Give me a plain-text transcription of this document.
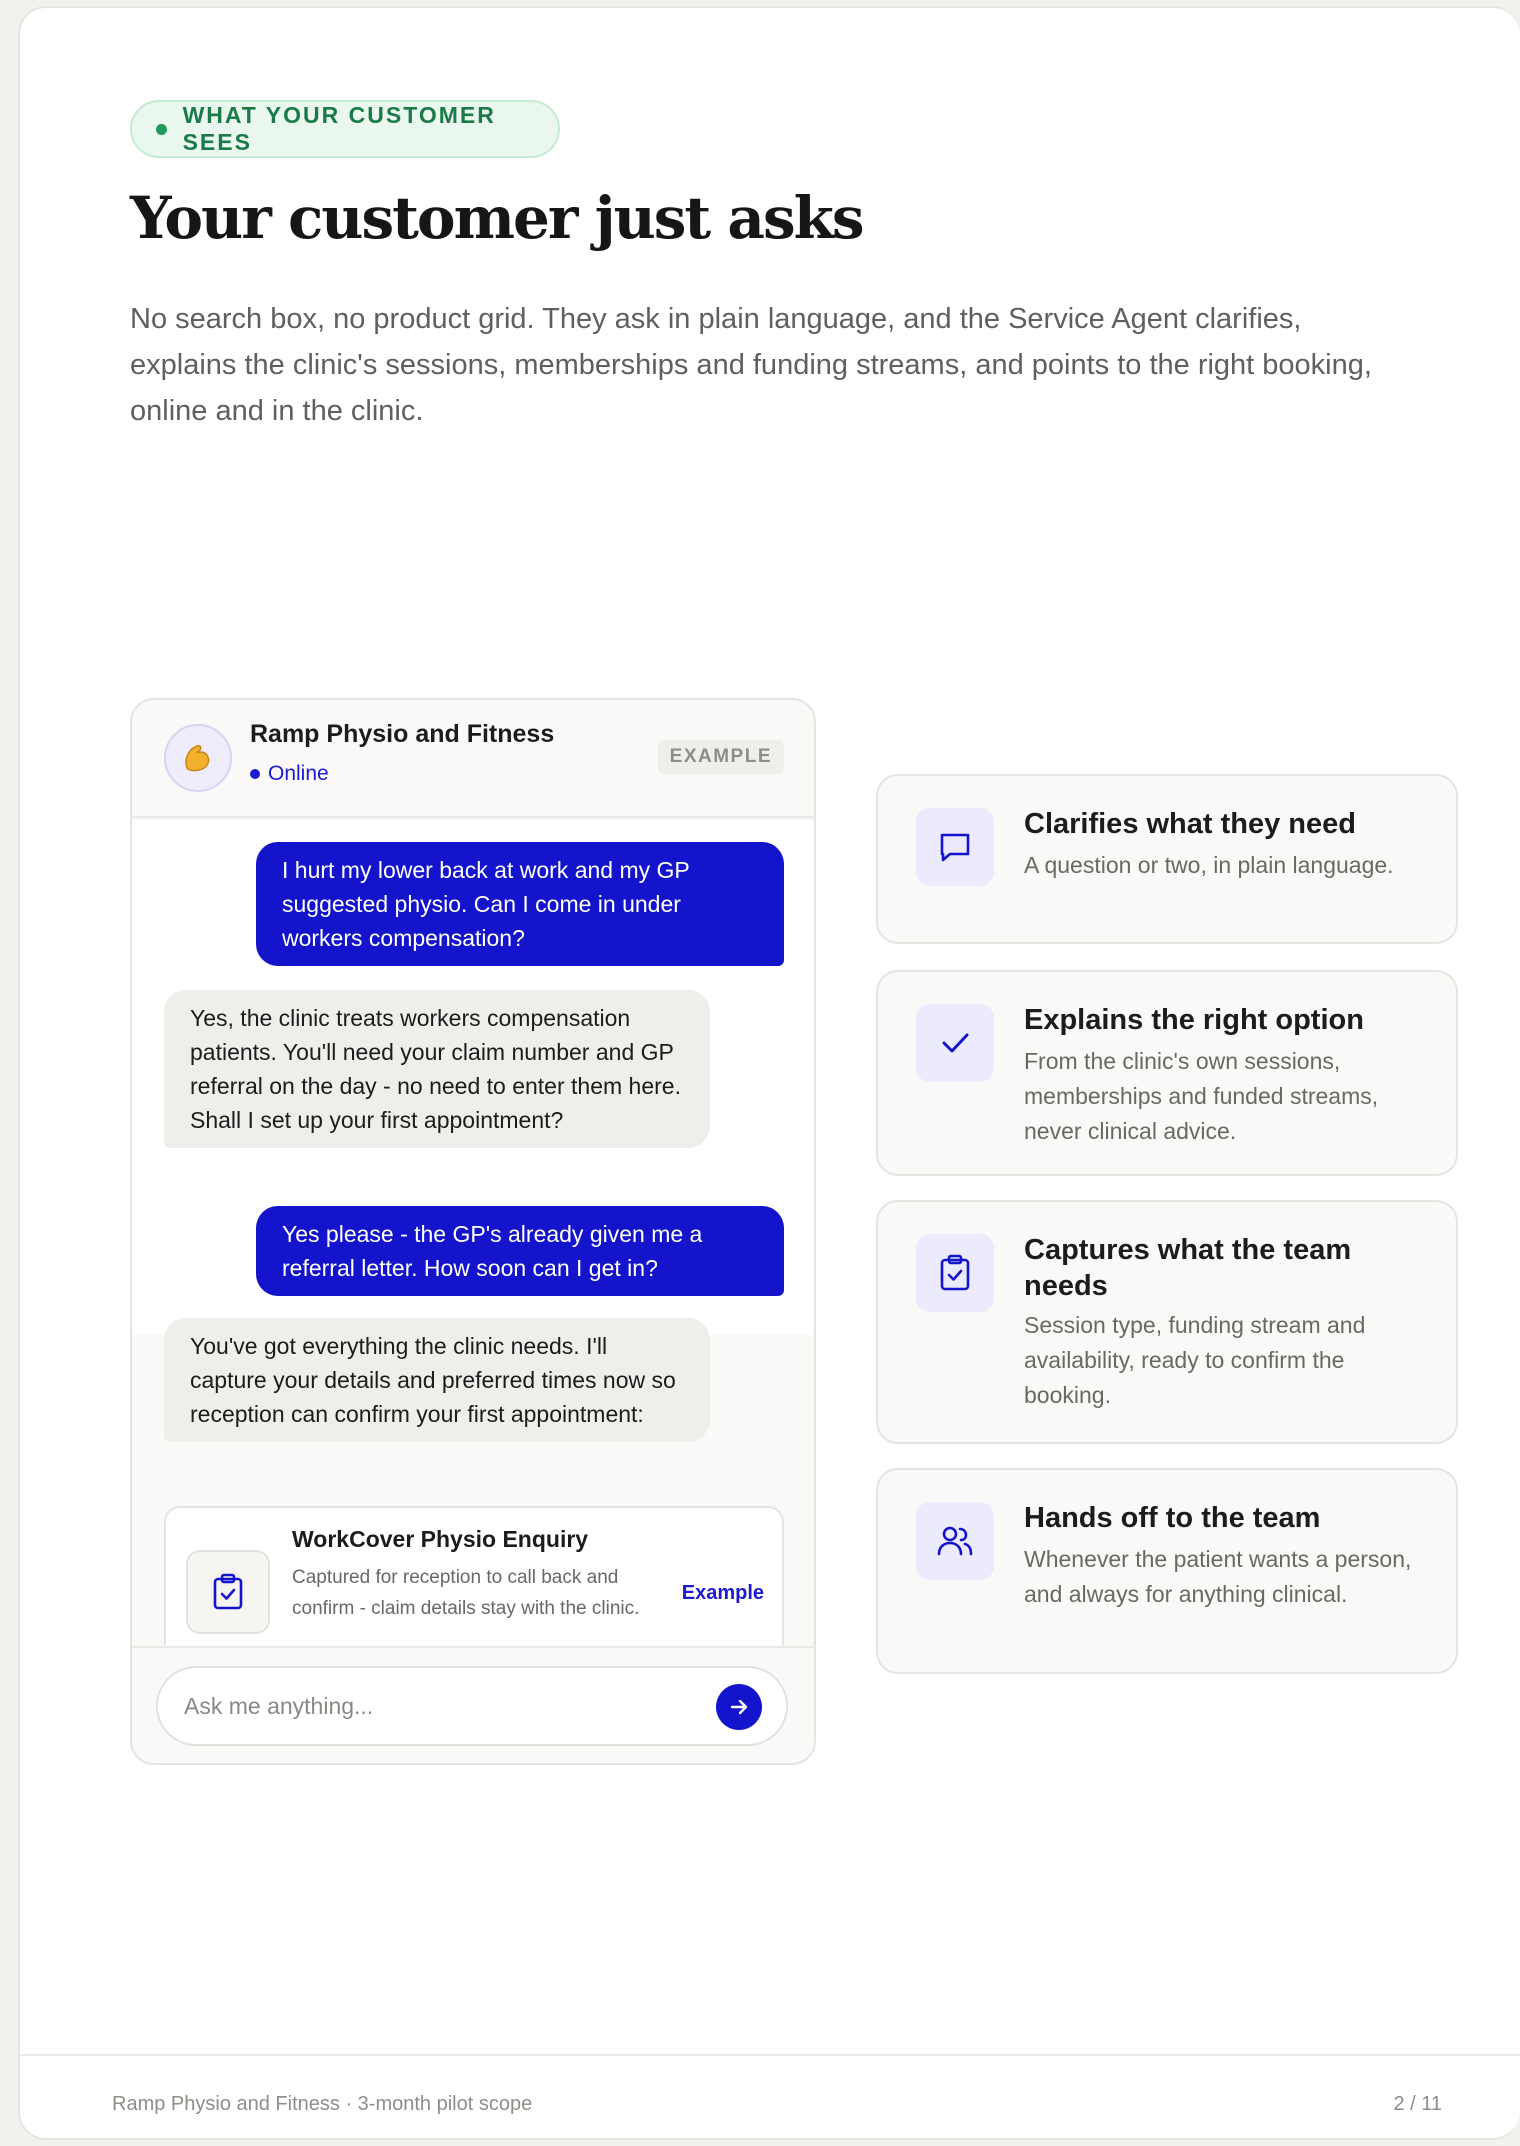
WHAT YOUR CUSTOMER SEES
Your customer just asks

No search box, no product grid. They ask in plain language, and the Service Agent clarifies, explains the clinic's sessions, memberships and funding streams, and points to the right booking, online and in the clinic.

Ramp Physio and Fitness
Online
EXAMPLE
I hurt my lower back at work and my GP suggested physio. Can I come in under workers compensation?
Yes, the clinic treats workers compensation patients. You'll need your claim number and GP referral on the day - no need to enter them here. Shall I set up your first appointment?
Yes please - the GP's already given me a referral letter. How soon can I get in?
You've got everything the clinic needs. I'll capture your details and preferred times now so reception can confirm your first appointment:
WorkCover Physio Enquiry
Captured for reception to call back and confirm - claim details stay with the clinic.
Example
Ask me anything...
Clarifies what they need
A question or two, in plain language.
Explains the right option
From the clinic's own sessions, memberships and funded streams, never clinical advice.
Captures what the team needs
Session type, funding stream and availability, ready to confirm the booking.
Hands off to the team
Whenever the patient wants a person, and always for anything clinical.
Ramp Physio and Fitness · 3-month pilot scope	2 / 11
